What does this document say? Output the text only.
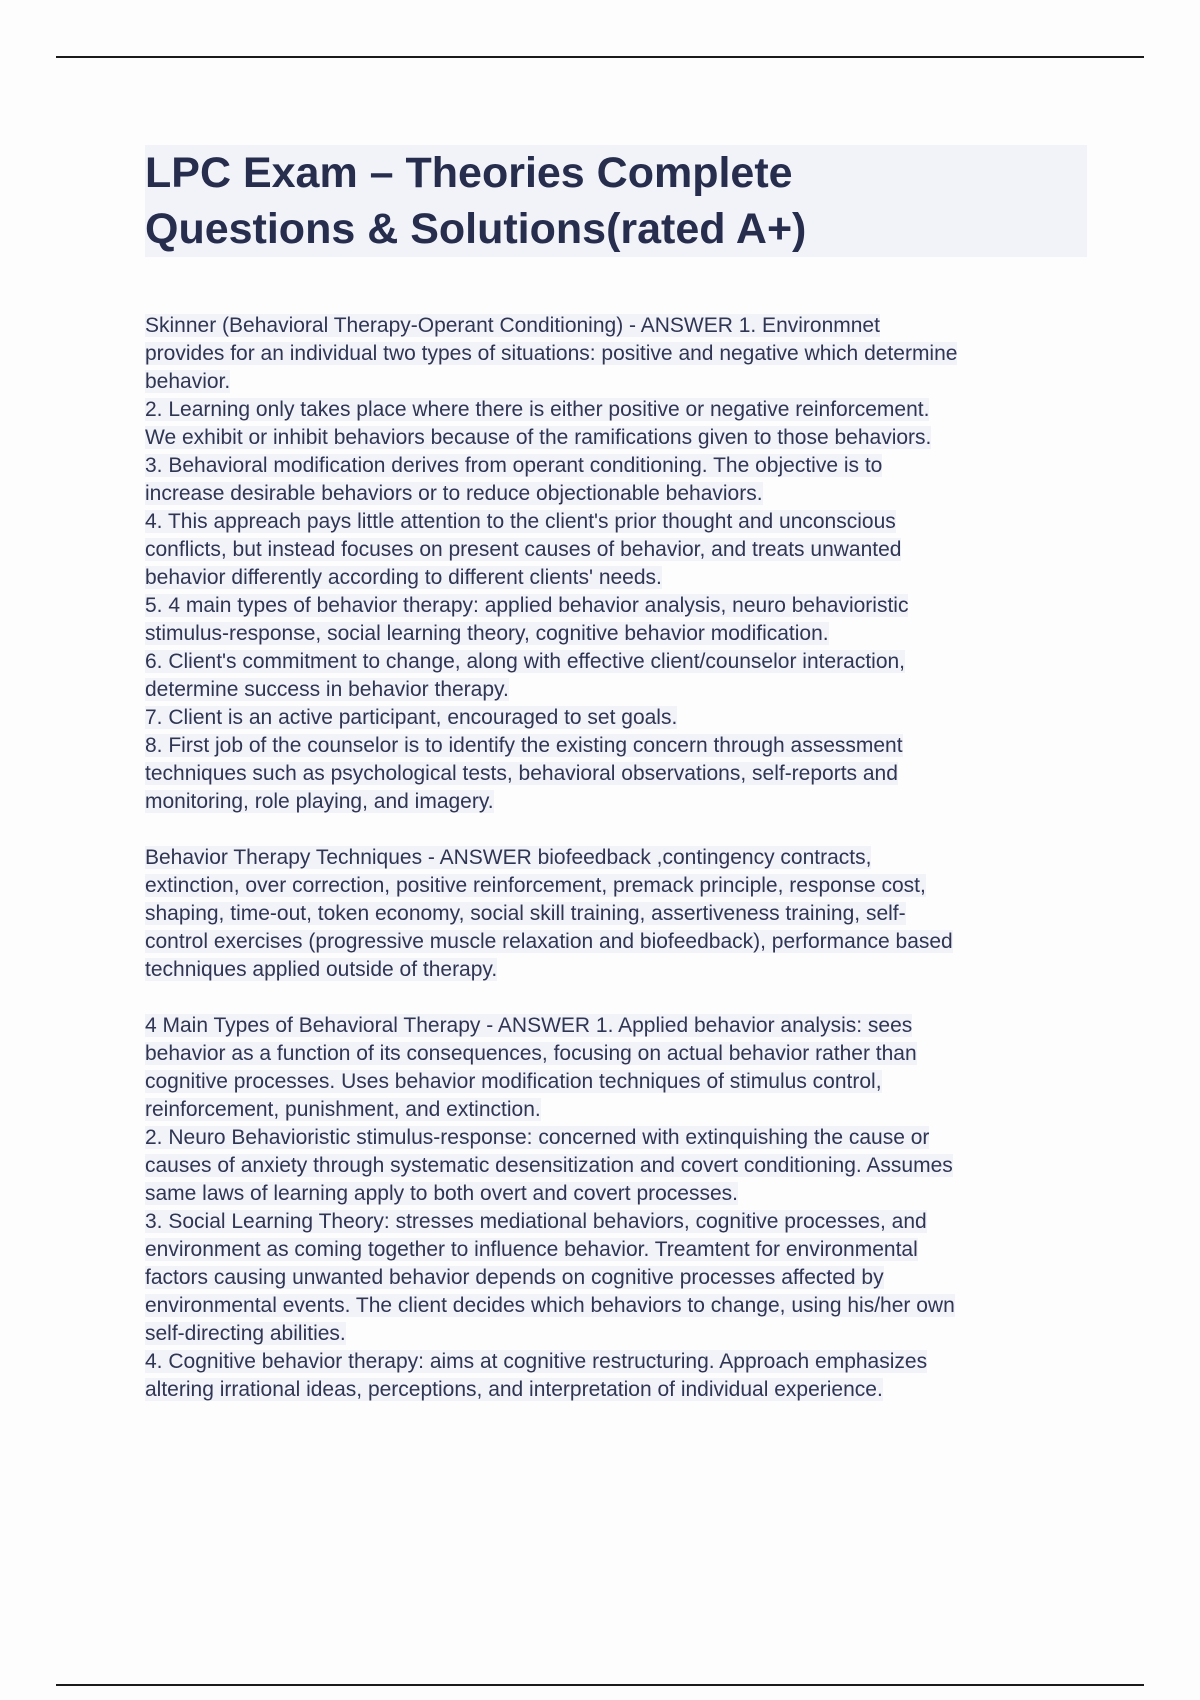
LPC Exam – Theories Complete
Questions & Solutions(rated A+)
Skinner (Behavioral Therapy-Operant Conditioning) - ANSWER 1. Environmnet
provides for an individual two types of situations: positive and negative which determine
behavior.
2. Learning only takes place where there is either positive or negative reinforcement.
We exhibit or inhibit behaviors because of the ramifications given to those behaviors.
3. Behavioral modification derives from operant conditioning. The objective is to
increase desirable behaviors or to reduce objectionable behaviors.
4. This appreach pays little attention to the client's prior thought and unconscious
conflicts, but instead focuses on present causes of behavior, and treats unwanted
behavior differently according to different clients' needs.
5. 4 main types of behavior therapy: applied behavior analysis, neuro behavioristic
stimulus-response, social learning theory, cognitive behavior modification.
6. Client's commitment to change, along with effective client/counselor interaction,
determine success in behavior therapy.
7. Client is an active participant, encouraged to set goals.
8. First job of the counselor is to identify the existing concern through assessment
techniques such as psychological tests, behavioral observations, self-reports and
monitoring, role playing, and imagery.
Behavior Therapy Techniques - ANSWER biofeedback ,contingency contracts,
extinction, over correction, positive reinforcement, premack principle, response cost,
shaping, time-out, token economy, social skill training, assertiveness training, self-
control exercises (progressive muscle relaxation and biofeedback), performance based
techniques applied outside of therapy.
4 Main Types of Behavioral Therapy - ANSWER 1. Applied behavior analysis: sees
behavior as a function of its consequences, focusing on actual behavior rather than
cognitive processes. Uses behavior modification techniques of stimulus control,
reinforcement, punishment, and extinction.
2. Neuro Behavioristic stimulus-response: concerned with extinquishing the cause or
causes of anxiety through systematic desensitization and covert conditioning. Assumes
same laws of learning apply to both overt and covert processes.
3. Social Learning Theory: stresses mediational behaviors, cognitive processes, and
environment as coming together to influence behavior. Treamtent for environmental
factors causing unwanted behavior depends on cognitive processes affected by
environmental events. The client decides which behaviors to change, using his/her own
self-directing abilities.
4. Cognitive behavior therapy: aims at cognitive restructuring. Approach emphasizes
altering irrational ideas, perceptions, and interpretation of individual experience.
